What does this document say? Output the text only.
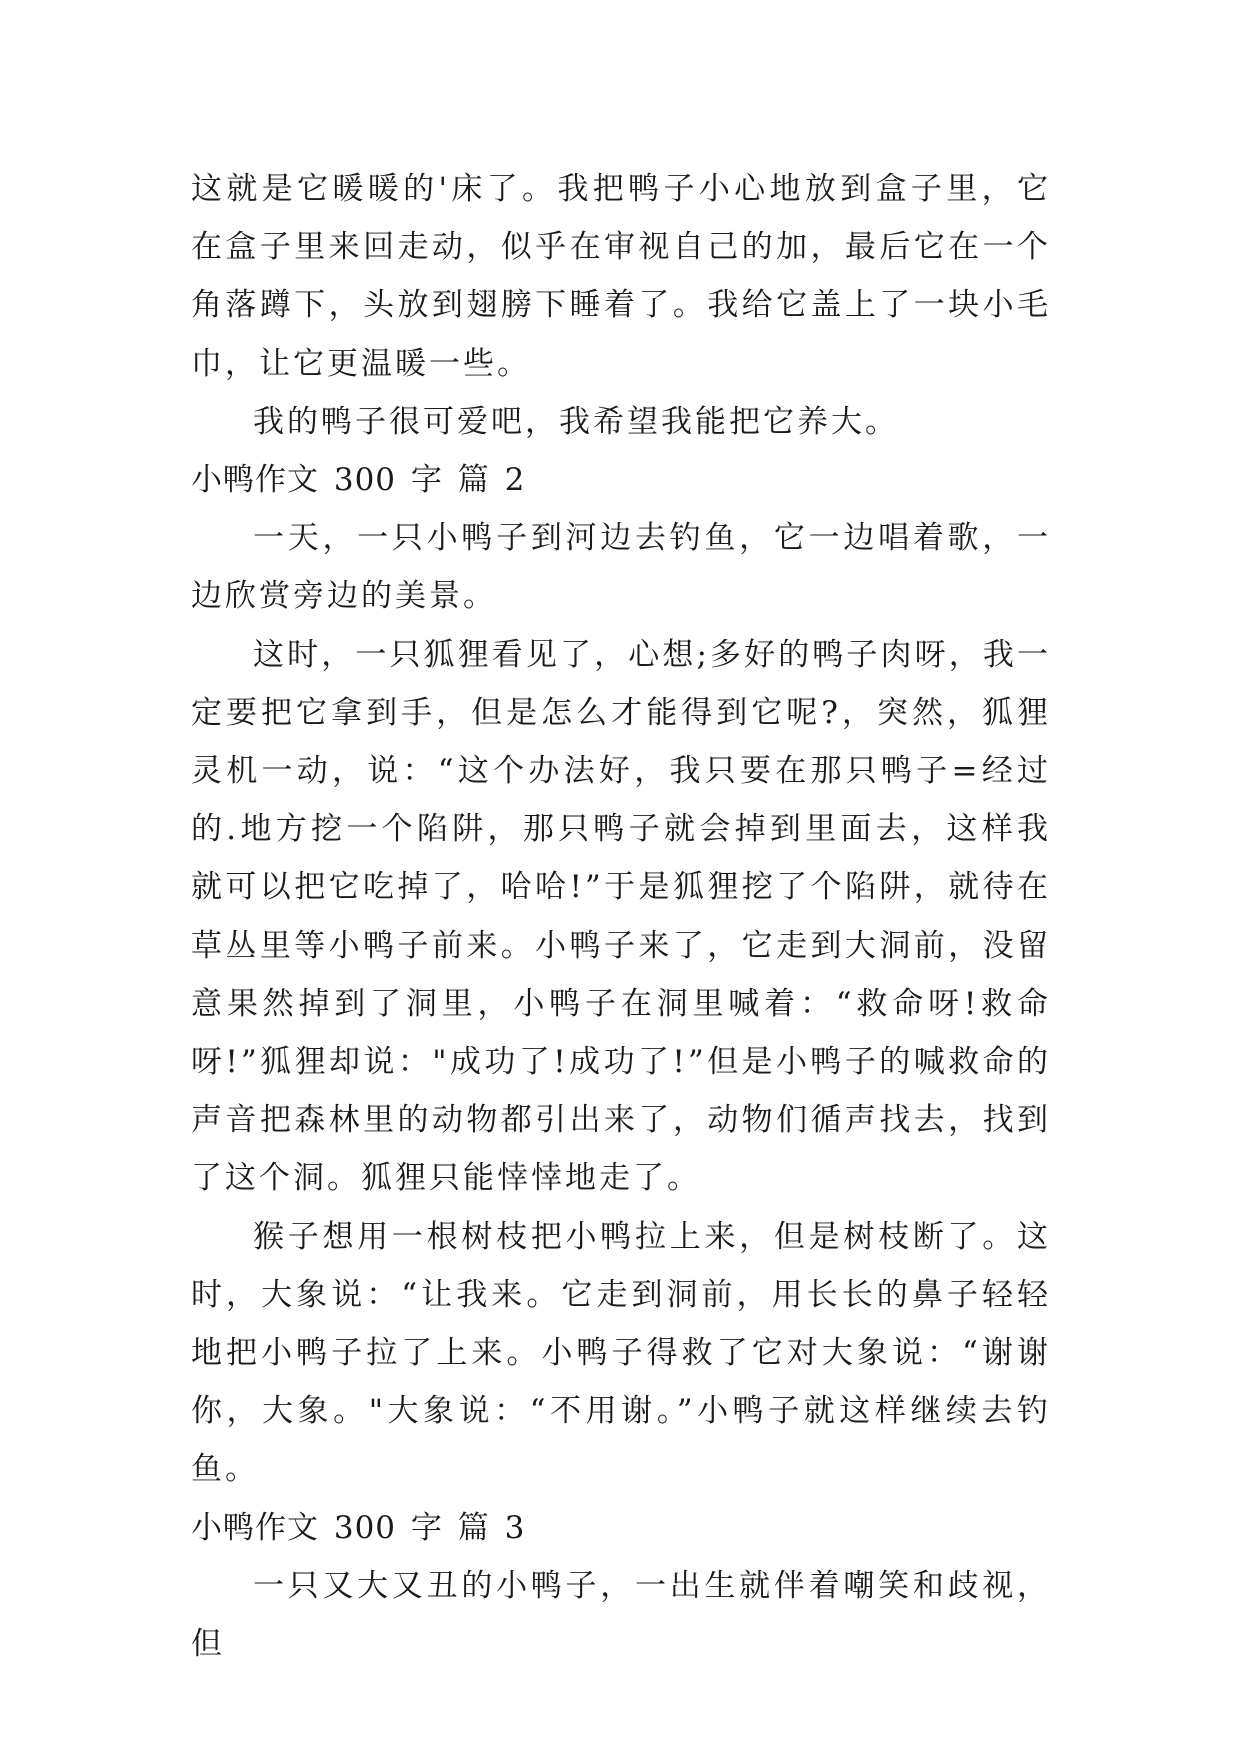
这就是它暖暖的'床了。我把鸭子小心地放到盒子里，它在盒子里来回走动，似乎在审视自己的加，最后它在一个角落蹲下，头放到翅膀下睡着了。我给它盖上了一块小毛巾，让它更温暖一些。

我的鸭子很可爱吧，我希望我能把它养大。

小鸭作文 300 字 篇 2

一天，一只小鸭子到河边去钓鱼，它一边唱着歌，一边欣赏旁边的美景。

这时，一只狐狸看见了，心想;多好的鸭子肉呀，我一定要把它拿到手，但是怎么才能得到它呢?，突然，狐狸灵机一动，说：“这个办法好，我只要在那只鸭子=经过的.地方挖一个陷阱，那只鸭子就会掉到里面去，这样我就可以把它吃掉了，哈哈!”于是狐狸挖了个陷阱，就待在草丛里等小鸭子前来。小鸭子来了，它走到大洞前，没留意果然掉到了洞里，小鸭子在洞里喊着：“救命呀!救命呀!”狐狸却说："成功了!成功了!”但是小鸭子的喊救命的声音把森林里的动物都引出来了，动物们循声找去，找到了这个洞。狐狸只能悻悻地走了。

猴子想用一根树枝把小鸭拉上来，但是树枝断了。这时，大象说：“让我来。它走到洞前，用长长的鼻子轻轻地把小鸭子拉了上来。小鸭子得救了它对大象说：“谢谢你，大象。"大象说：“不用谢。”小鸭子就这样继续去钓鱼。

小鸭作文 300 字 篇 3

一只又大又丑的小鸭子，一出生就伴着嘲笑和歧视，但
